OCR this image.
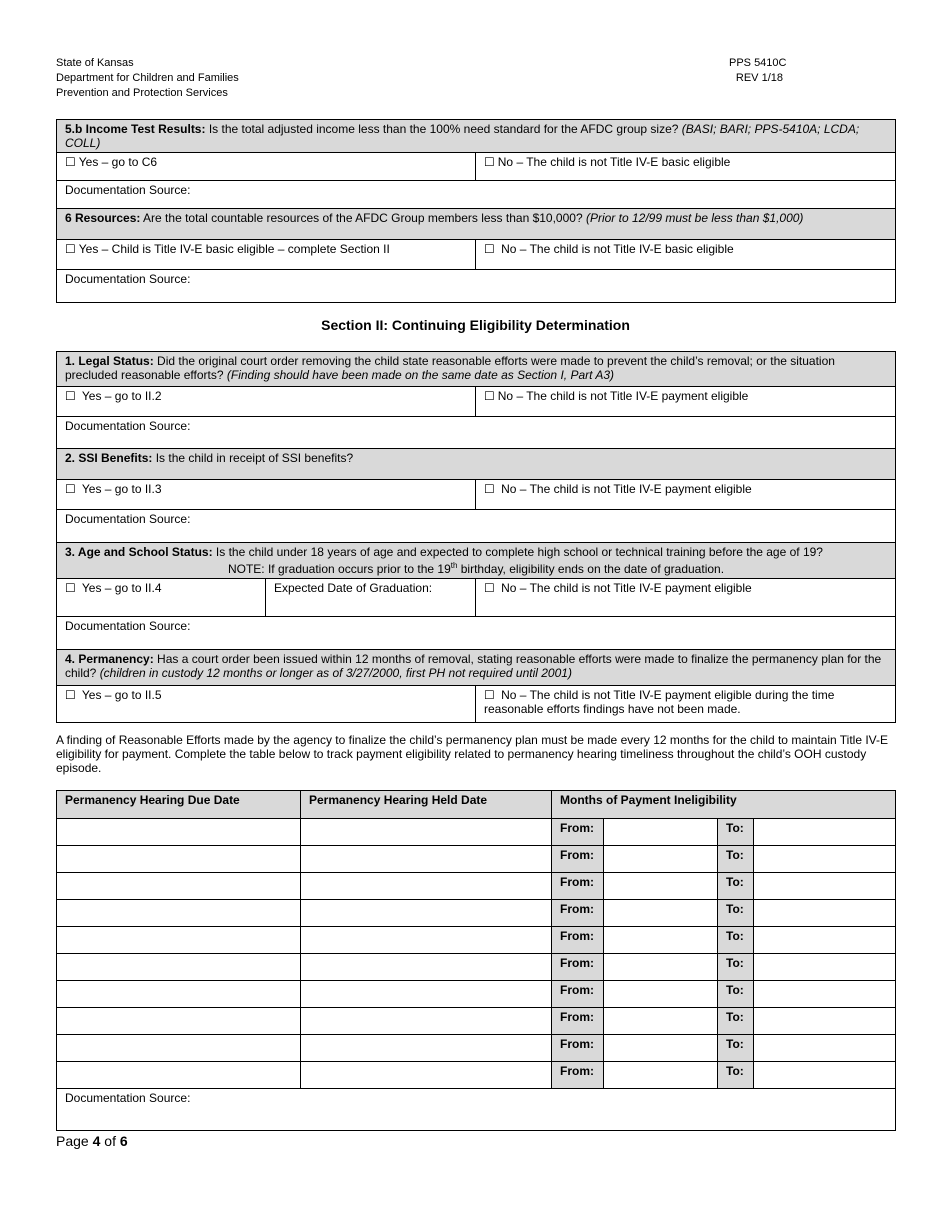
State of Kansas
Department for Children and Families
Prevention and Protection Services
PPS 5410C
REV 1/18
5.b Income Test Results: Is the total adjusted income less than the 100% need standard for the AFDC group size? (BASI; BARI; PPS-5410A; LCDA; COLL)	
☐ Yes – go to C6	☐ No – The child is not Title IV-E basic eligible
Documentation Source:	
6 Resources: Are the total countable resources of the AFDC Group members less than $10,000? (Prior to 12/99 must be less than $1,000)	
☐ Yes – Child is Title IV-E basic eligible – complete Section II	☐ No – The child is not Title IV-E basic eligible
Documentation Source:	
Section II: Continuing Eligibility Determination
1. Legal Status: Did the original court order removing the child state reasonable efforts were made to prevent the child’s removal; or the situation precluded reasonable efforts? (Finding should have been made on the same date as Section I, Part A3)		
☐ Yes – go to II.2		☐ No – The child is not Title IV-E payment eligible
Documentation Source:		
2. SSI Benefits: Is the child in receipt of SSI benefits?		
☐ Yes – go to II.3		☐ No – The child is not Title IV-E payment eligible
Documentation Source:		
3. Age and School Status: Is the child under 18 years of age and expected to complete high school or technical training before the age of 19?
NOTE: If graduation occurs prior to the 19th birthday, eligibility ends on the date of graduation.		

☐ Yes – go to II.4	Expected Date of Graduation:	☐ No – The child is not Title IV-E payment eligible
Documentation Source:		
4. Permanency: Has a court order been issued within 12 months of removal, stating reasonable efforts were made to finalize the permanency plan for the child? (children in custody 12 months or longer as of 3/27/2000, first PH not required until 2001)		
☐ Yes – go to II.5		☐ No – The child is not Title IV-E payment eligible during the time reasonable efforts findings have not been made.
A finding of Reasonable Efforts made by the agency to finalize the child’s permanency plan must be made every 12 months for the child to maintain Title IV-E eligibility for payment. Complete the table below to track payment eligibility related to permanency hearing timeliness throughout the child’s OOH custody episode.
Permanency Hearing Due Date	Permanency Hearing Held Date	Months of Payment Ineligibility			
		From:		To:	
		From:		To:	
		From:		To:	
		From:		To:	
		From:		To:	
		From:		To:	
		From:		To:	
		From:		To:	
		From:		To:	
		From:		To:	
Documentation Source:					
Page 4 of 6
